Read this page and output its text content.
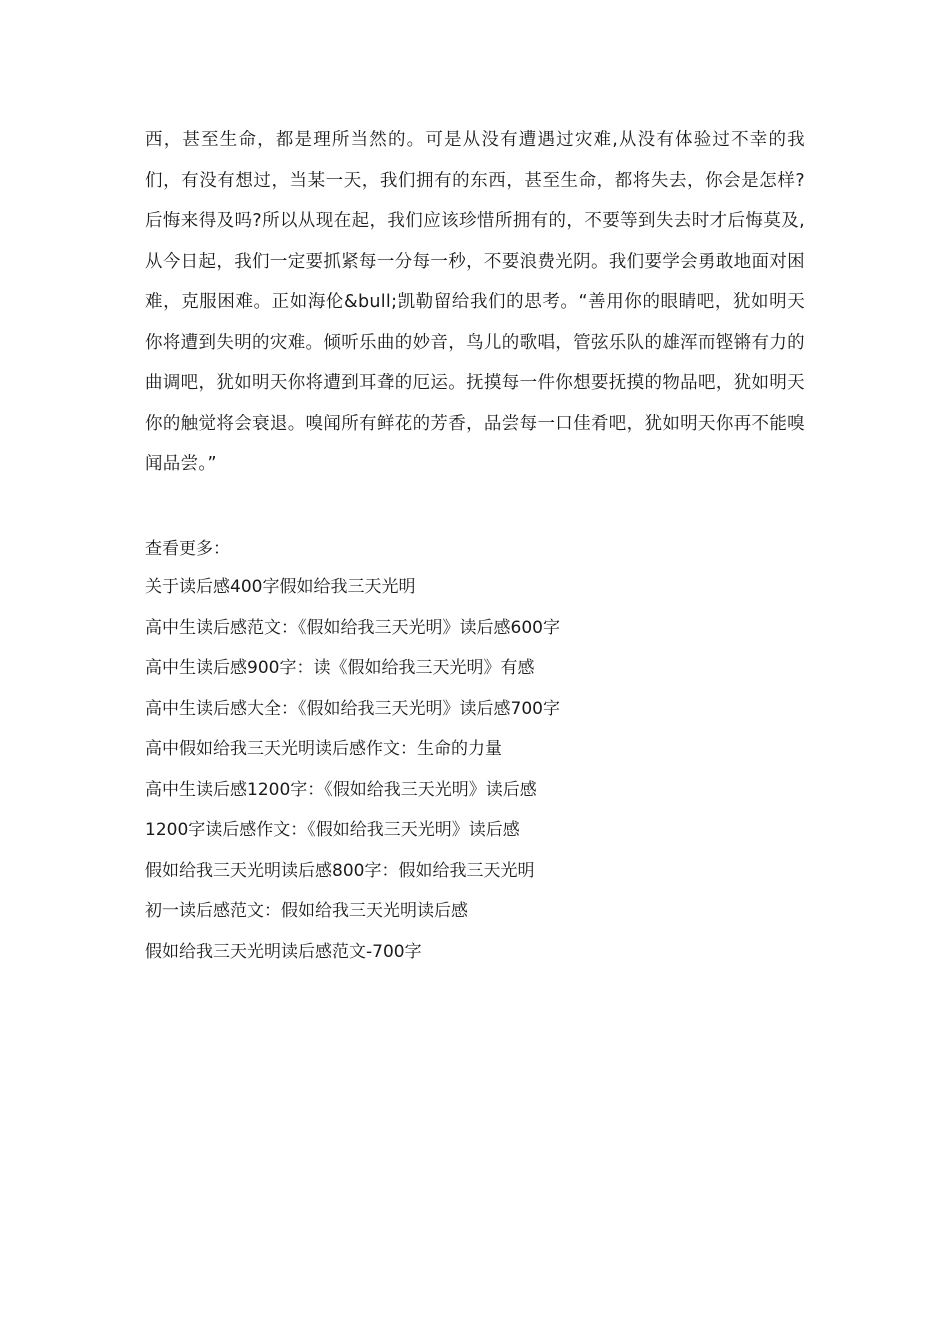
西，甚至生命，都是理所当然的。可是从没有遭遇过灾难,从没有体验过不幸的我们，有没有想过，当某一天，我们拥有的东西，甚至生命，都将失去，你会是怎样?后悔来得及吗?所以从现在起，我们应该珍惜所拥有的，不要等到失去时才后悔莫及, 从今日起，我们一定要抓紧每一分每一秒，不要浪费光阴。我们要学会勇敢地面对困难，克服困难。正如海伦&bull;凯勒留给我们的思考。“善用你的眼睛吧，犹如明天你将遭到失明的灾难。倾听乐曲的妙音，鸟儿的歌唱，管弦乐队的雄浑而铿锵有力的曲调吧，犹如明天你将遭到耳聋的厄运。抚摸每一件你想要抚摸的物品吧，犹如明天你的触觉将会衰退。嗅闻所有鲜花的芳香，品尝每一口佳肴吧，犹如明天你再不能嗅闻品尝。”

查看更多：

关于读后感400字假如给我三天光明
高中生读后感范文：《假如给我三天光明》读后感600字
高中生读后感900字：读《假如给我三天光明》有感
高中生读后感大全：《假如给我三天光明》读后感700字
高中假如给我三天光明读后感作文：生命的力量
高中生读后感1200字：《假如给我三天光明》读后感
1200字读后感作文：《假如给我三天光明》读后感
假如给我三天光明读后感800字：假如给我三天光明
初一读后感范文：假如给我三天光明读后感
假如给我三天光明读后感范文-700字
